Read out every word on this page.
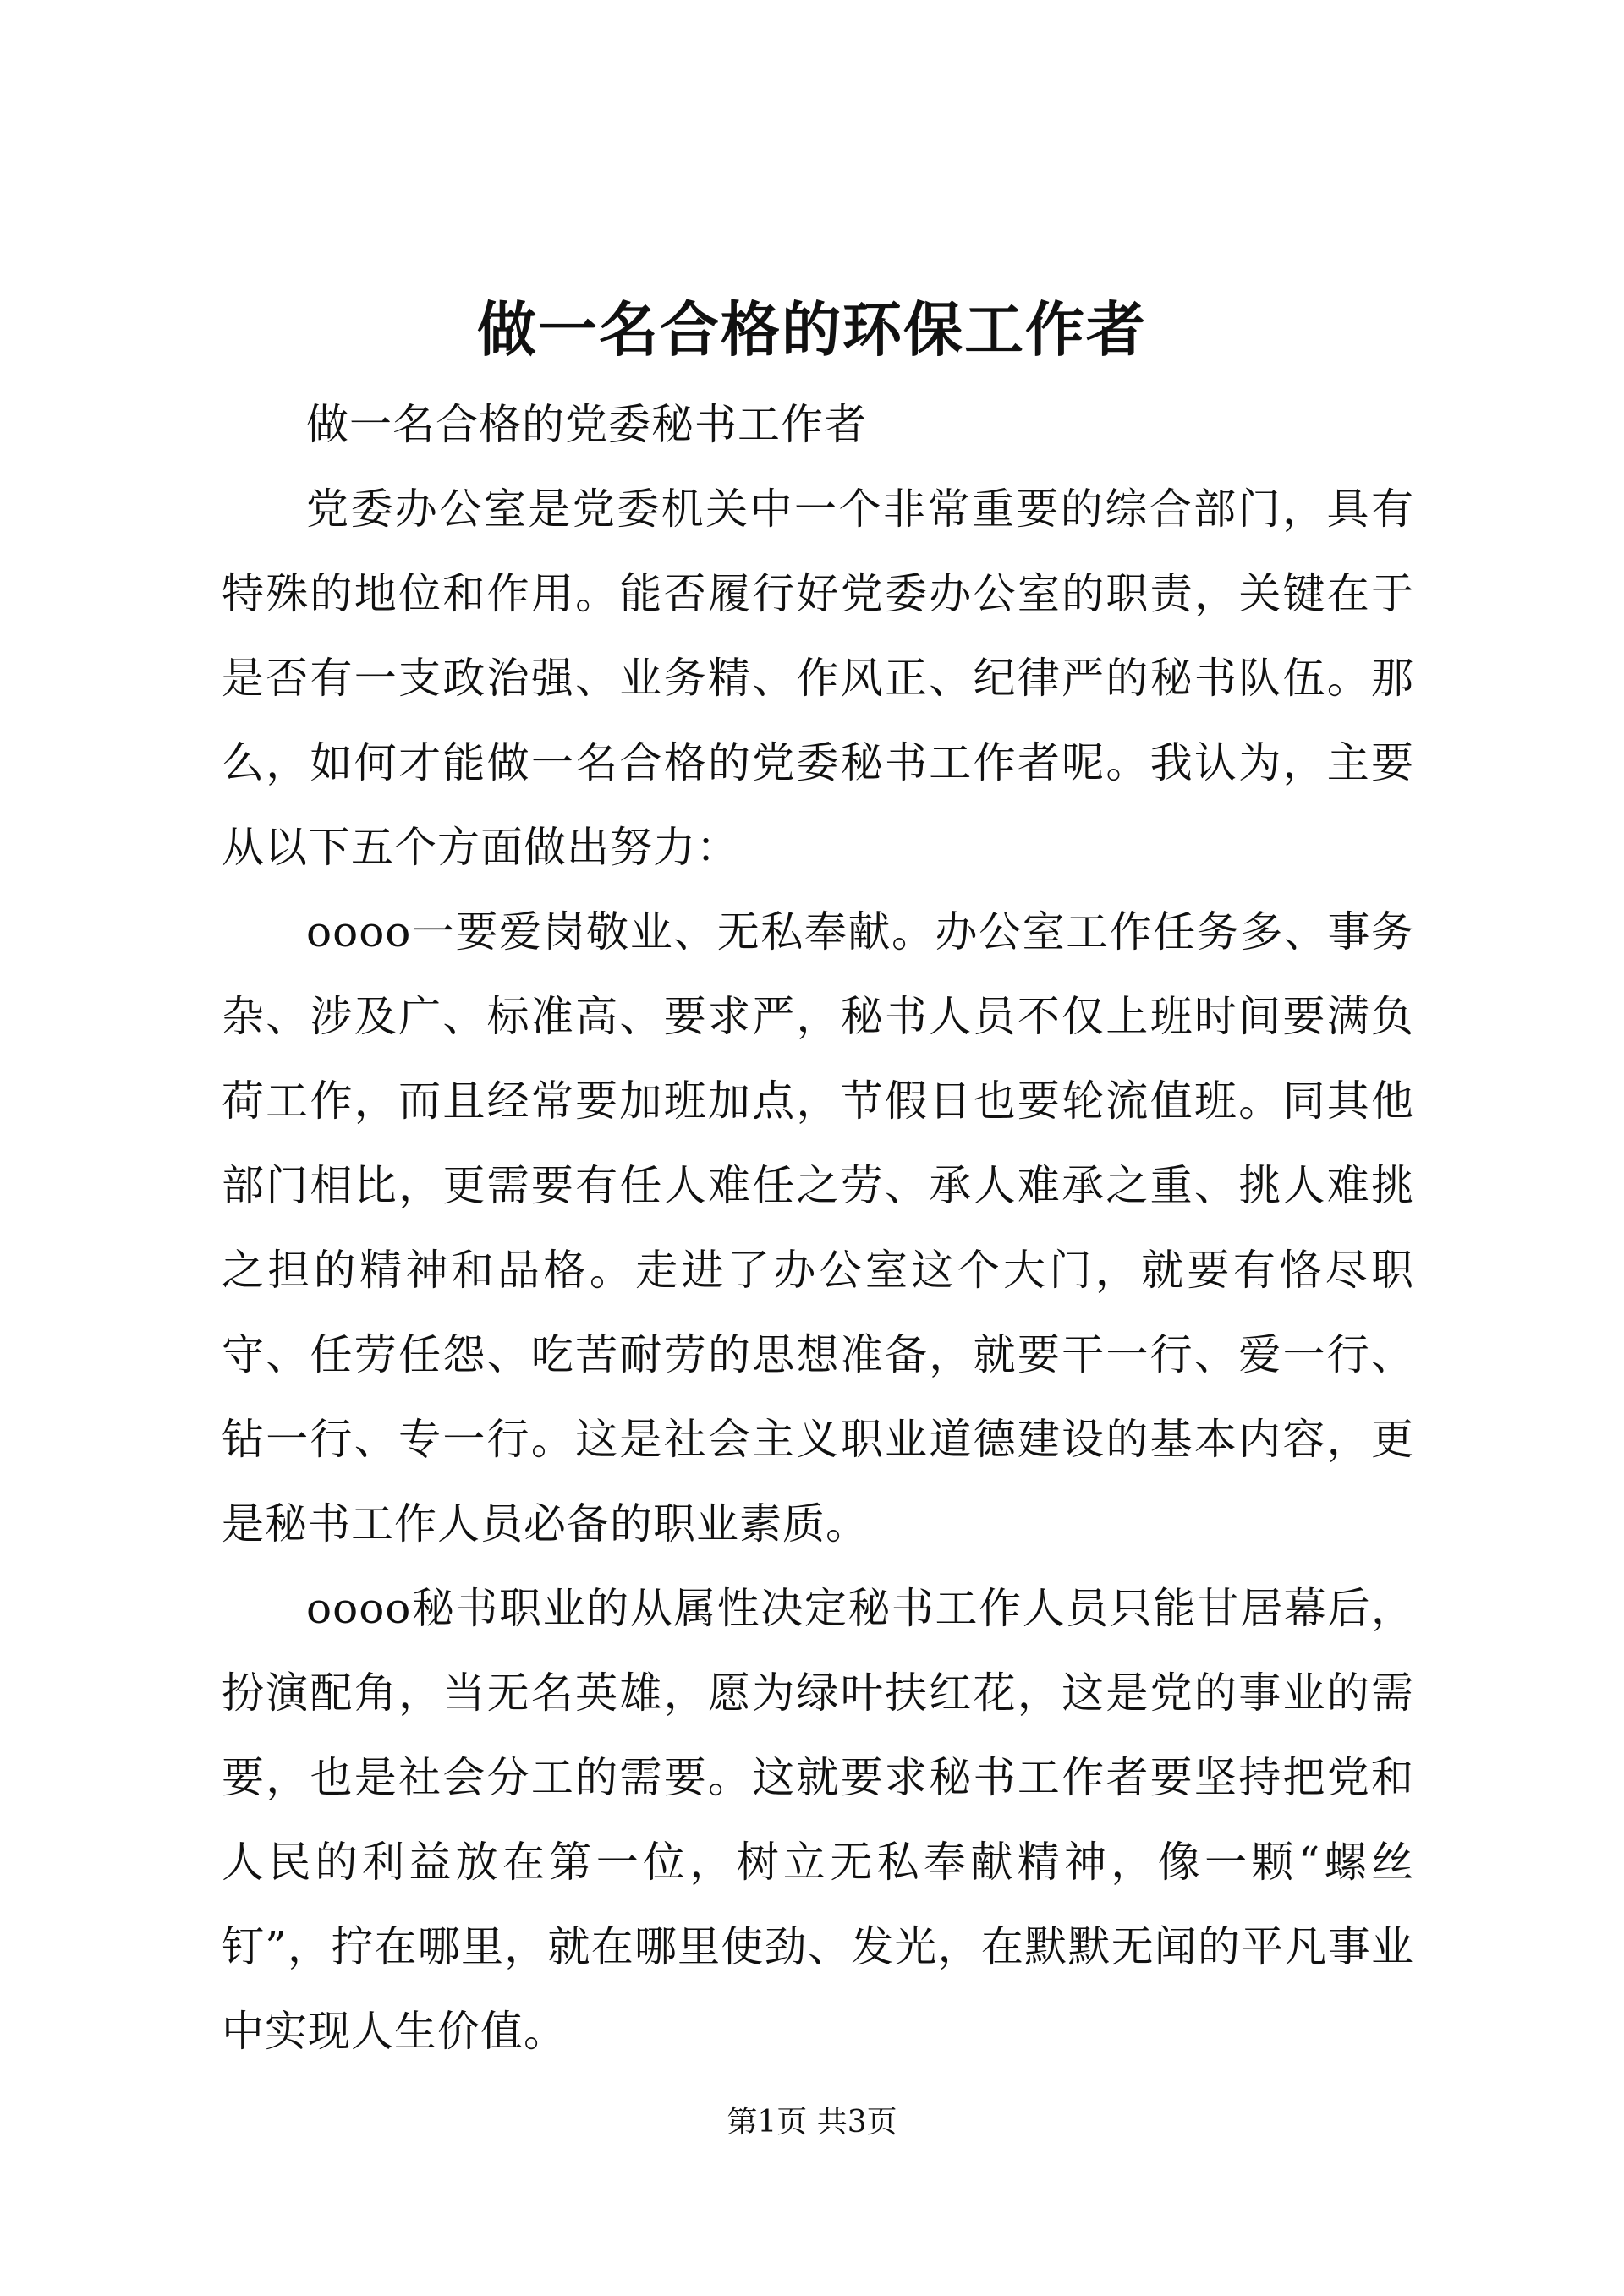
做一名合格的环保工作者

做一名合格的党委秘书工作者

党委办公室是党委机关中一个非常重要的综合部门，具有特殊的地位和作用。能否履行好党委办公室的职责，关键在于是否有一支政治强、业务精、作风正、纪律严的秘书队伍。那么，如何才能做一名合格的党委秘书工作者呢。我认为，主要从以下五个方面做出努力：

oooo一要爱岗敬业、无私奉献。办公室工作任务多、事务杂、涉及广、标准高、要求严，秘书人员不仅上班时间要满负荷工作，而且经常要加班加点，节假日也要轮流值班。同其他部门相比，更需要有任人难任之劳、承人难承之重、挑人难挑之担的精神和品格。走进了办公室这个大门，就要有恪尽职守、任劳任怨、吃苦耐劳的思想准备，就要干一行、爱一行、钻一行、专一行。这是社会主义职业道德建设的基本内容，更是秘书工作人员必备的职业素质。

oooo秘书职业的从属性决定秘书工作人员只能甘居幕后，扮演配角，当无名英雄，愿为绿叶扶红花，这是党的事业的需要，也是社会分工的需要。这就要求秘书工作者要坚持把党和人民的利益放在第一位，树立无私奉献精神，像一颗“螺丝钉”，拧在哪里，就在哪里使劲、发光，在默默无闻的平凡事业中实现人生价值。

第1页 共3页
